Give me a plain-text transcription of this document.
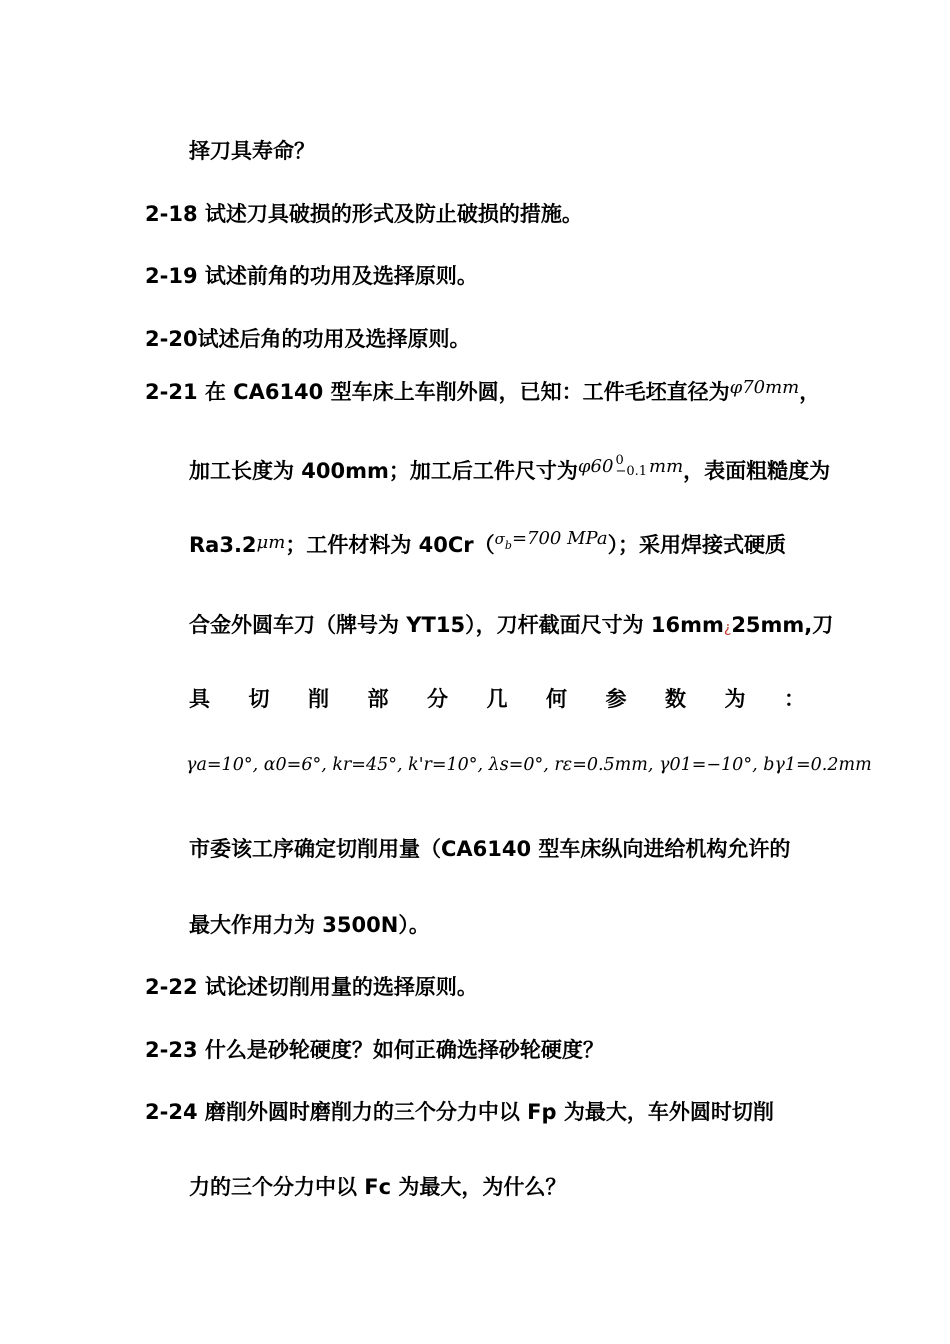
择刀具寿命？
2-18 试述刀具破损的形式及防止破损的措施。
2-19 试述前角的功用及选择原则。
2-20试述后角的功用及选择原则。
2-21 在 CA6140 型车床上车削外圆，已知：工件毛坯直径为φ70mm，
加工长度为 400mm；加工后工件尺寸为φ60 0
−0.1 mm，表面粗糙度为
Ra3.2μm；工件材料为 $40Cr(\sigma_b=700$ MPa）；采用焊接式硬质
合金外圆车刀（牌号为 YT15），刀杆截面尺寸为 16mm¿25mm,刀
具 切 削 部 分 几 何 参 数 为 ：
γa=10°, α0=6°, kr=45°, k'r=10°, λs=0°, rε=0.5mm, γ01=−10°, bγ1=0.2mm
市委该工序确定切削用量（CA6140 型车床纵向进给机构允许的
最大作用力为 3500N）。
2-22 试论述切削用量的选择原则。
2-23 什么是砂轮硬度？如何正确选择砂轮硬度？
2-24 磨削外圆时磨削力的三个分力中以 Fp 为最大，车外圆时切削
力的三个分力中以 Fc 为最大，为什么？
